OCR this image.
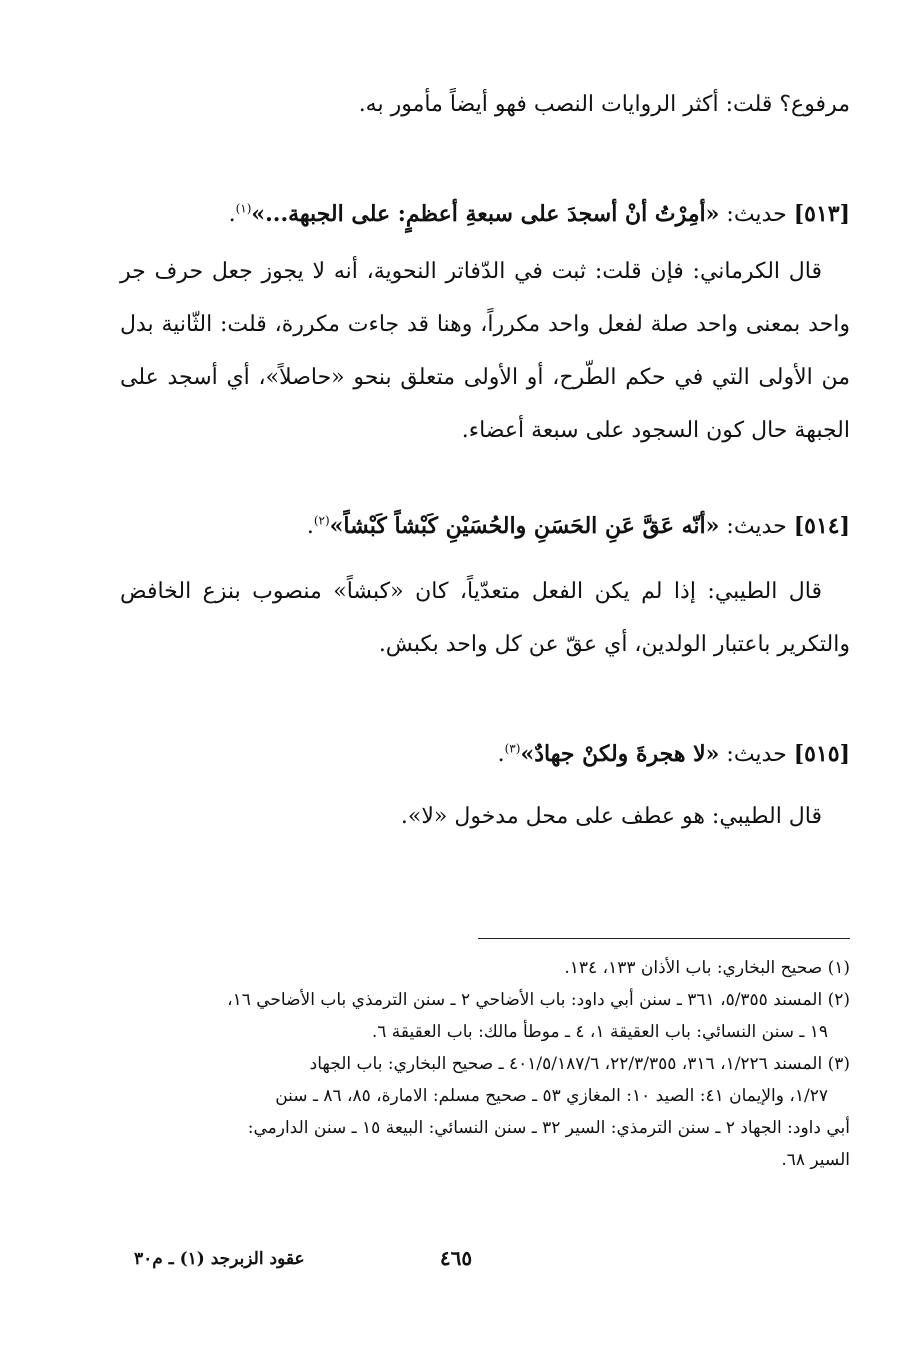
مرفوع؟ قلت: أكثر الروايات النصب فهو أيضاً مأمور به.

[٥١٣] حديث: «أمِرْتُ أنْ أسجدَ على سبعةِ أعظمٍ: على الجبهة...»$^{(١)}$.

قال الكرماني: فإن قلت: ثبت في الدّفاتر النحوية، أنه لا يجوز جعل حرف جر واحد بمعنى واحد صلة لفعل واحد مكرراً، وهنا قد جاءت مكررة، قلت: الثّانية بدل من الأولى التي في حكم الطّرح، أو الأولى متعلق بنحو «حاصلاً»، أي أسجد على الجبهة حال كون السجود على سبعة أعضاء.

[٥١٤] حديث: «أنّه عَقَّ عَنِ الحَسَنِ والحُسَيْنِ كَبْشاً كَبْشاً»$^{(٢)}$.

قال الطيبي: إذا لم يكن الفعل متعدّياً، كان «كبشاً» منصوب بنزع الخافض والتكرير باعتبار الولدين، أي عقّ عن كل واحد بكبش.

[٥١٥] حديث: «لا هجرةَ ولكنْ جهادٌ»$^{(٣)}$.

قال الطيبي: هو عطف على محل مدخول «لا».

(١) صحيح البخاري: باب الأذان ١٣٣، ١٣٤.
(٢) المسند ٥/٣٥٥، ٣٦١ ـ سنن أبي داود: باب الأضاحي ٢ ـ سنن الترمذي باب الأضاحي ١٦،
١٩ ـ سنن النسائي: باب العقيقة ١، ٤ ـ موطأ مالك: باب العقيقة ٦.
(٣) المسند ١/٢٢٦، ٣١٦، ٢٢/٣/٣٥٥، ٤٠١/٥/١٨٧/٦ ـ صحيح البخاري: باب الجهاد
١/٢٧، والإيمان ٤١: الصيد ١٠: المغازي ٥٣ ـ صحيح مسلم: الامارة، ٨٥، ٨٦ ـ سنن
أبي داود: الجهاد ٢ ـ سنن الترمذي: السير ٣٢ ـ سنن النسائي: البيعة ١٥ ـ سنن الدارمي:
السير ٦٨.
٤٦٥
عقود الزبرجد (١) ـ م٣٠
